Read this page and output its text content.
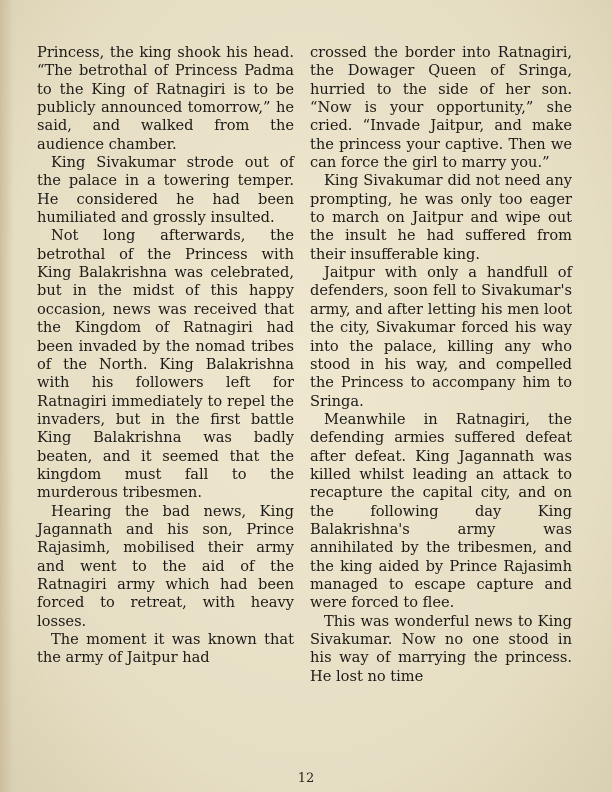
Princess, the king shook his head. “The betrothal of Princess Padma to the King of Ratnagiri is to be publicly announced tomorrow,” he said, and walked from the audience chamber.

King Sivakumar strode out of the palace in a towering temper. He considered he had been humiliated and grossly insulted.

Not long afterwards, the betrothal of the Princess with King Balakrishna was celebrated, but in the midst of this happy occasion, news was received that the Kingdom of Ratnagiri had been invaded by the nomad tribes of the North. King Balakrishna with his followers left for Ratnagiri immediately to repel the invaders, but in the first battle King Balakrishna was badly beaten, and it seemed that the kingdom must fall to the murderous tribesmen.

Hearing the bad news, King Jagannath and his son, Prince Rajasimh, mobilised their army and went to the aid of the Ratnagiri army which had been forced to retreat, with heavy losses.

The moment it was known that the army of Jaitpur had

crossed the border into Ratnagiri, the Dowager Queen of Sringa, hurried to the side of her son. “Now is your opportunity,” she cried. “Invade Jaitpur, and make the princess your captive. Then we can force the girl to marry you.”

King Sivakumar did not need any prompting, he was only too eager to march on Jaitpur and wipe out the insult he had suffered from their insufferable king.

Jaitpur with only a handfull of defenders, soon fell to Sivakumar's army, and after letting his men loot the city, Sivakumar forced his way into the palace, killing any who stood in his way, and compelled the Princess to accompany him to Sringa.

Meanwhile in Ratnagiri, the defending armies suffered defeat after defeat. King Jagannath was killed whilst leading an attack to recapture the capital city, and on the following day King Balakrishna's army was annihilated by the tribesmen, and the king aided by Prince Rajasimh managed to escape capture and were forced to flee.

This was wonderful news to King Sivakumar. Now no one stood in his way of marrying the princess. He lost no time

12
